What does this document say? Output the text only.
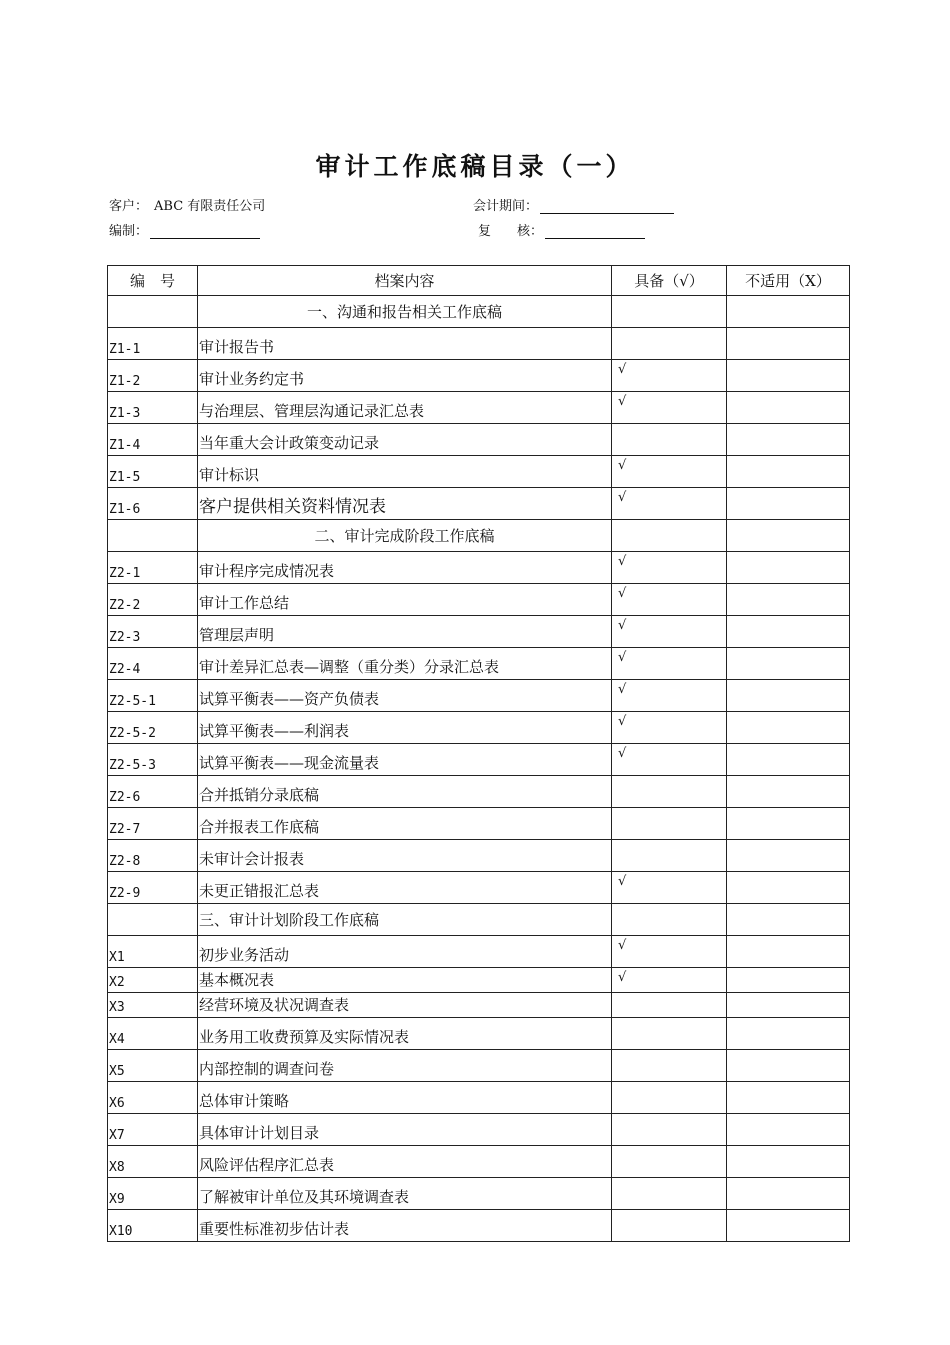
审计工作底稿目录（一）
客户： ABC 有限责任公司	会计期间：
编制：	复　　核：
编　号	档案内容	具备（√）	不适用（X）
	一、沟通和报告相关工作底稿		
Z1-1	审计报告书		
Z1-2	审计业务约定书	√	
Z1-3	与治理层、管理层沟通记录汇总表	√	
Z1-4	当年重大会计政策变动记录		
Z1-5	审计标识	√	
Z1-6	客户提供相关资料情况表	√	
	二、审计完成阶段工作底稿		
Z2-1	审计程序完成情况表	√	
Z2-2	审计工作总结	√	
Z2-3	管理层声明	√	
Z2-4	审计差异汇总表—调整（重分类）分录汇总表	√	
Z2-5-1	试算平衡表——资产负债表	√	
Z2-5-2	试算平衡表——利润表	√	
Z2-5-3	试算平衡表——现金流量表	√	
Z2-6	合并抵销分录底稿		
Z2-7	合并报表工作底稿		
Z2-8	未审计会计报表		
Z2-9	未更正错报汇总表	√	
	三、审计计划阶段工作底稿		
X1	初步业务活动	√	
X2	基本概况表	√	
X3	经营环境及状况调查表		
X4	业务用工收费预算及实际情况表		
X5	内部控制的调查问卷		
X6	总体审计策略		
X7	具体审计计划目录		
X8	风险评估程序汇总表		
X9	了解被审计单位及其环境调查表		
X10	重要性标准初步估计表		
